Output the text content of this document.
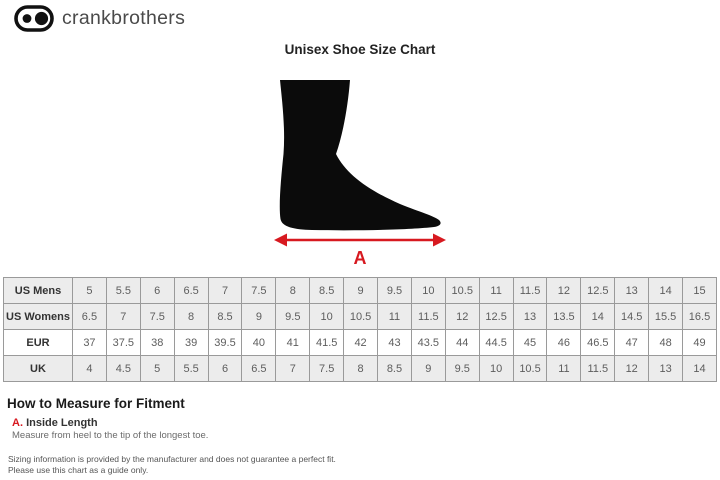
crankbrothers
Unisex Shoe Size Chart
A
US Mens	5	5.5	6	6.5	7	7.5	8	8.5	9	9.5	10	10.5	11	11.5	12	12.5	13	14	15
US Womens	6.5	7	7.5	8	8.5	9	9.5	10	10.5	11	11.5	12	12.5	13	13.5	14	14.5	15.5	16.5
EUR	37	37.5	38	39	39.5	40	41	41.5	42	43	43.5	44	44.5	45	46	46.5	47	48	49
UK	4	4.5	5	5.5	6	6.5	7	7.5	8	8.5	9	9.5	10	10.5	11	11.5	12	13	14
How to Measure for Fitment
A. Inside Length
Measure from heel to the tip of the longest toe.
Sizing information is provided by the manufacturer and does not guarantee a perfect fit.
Please use this chart as a guide only.
